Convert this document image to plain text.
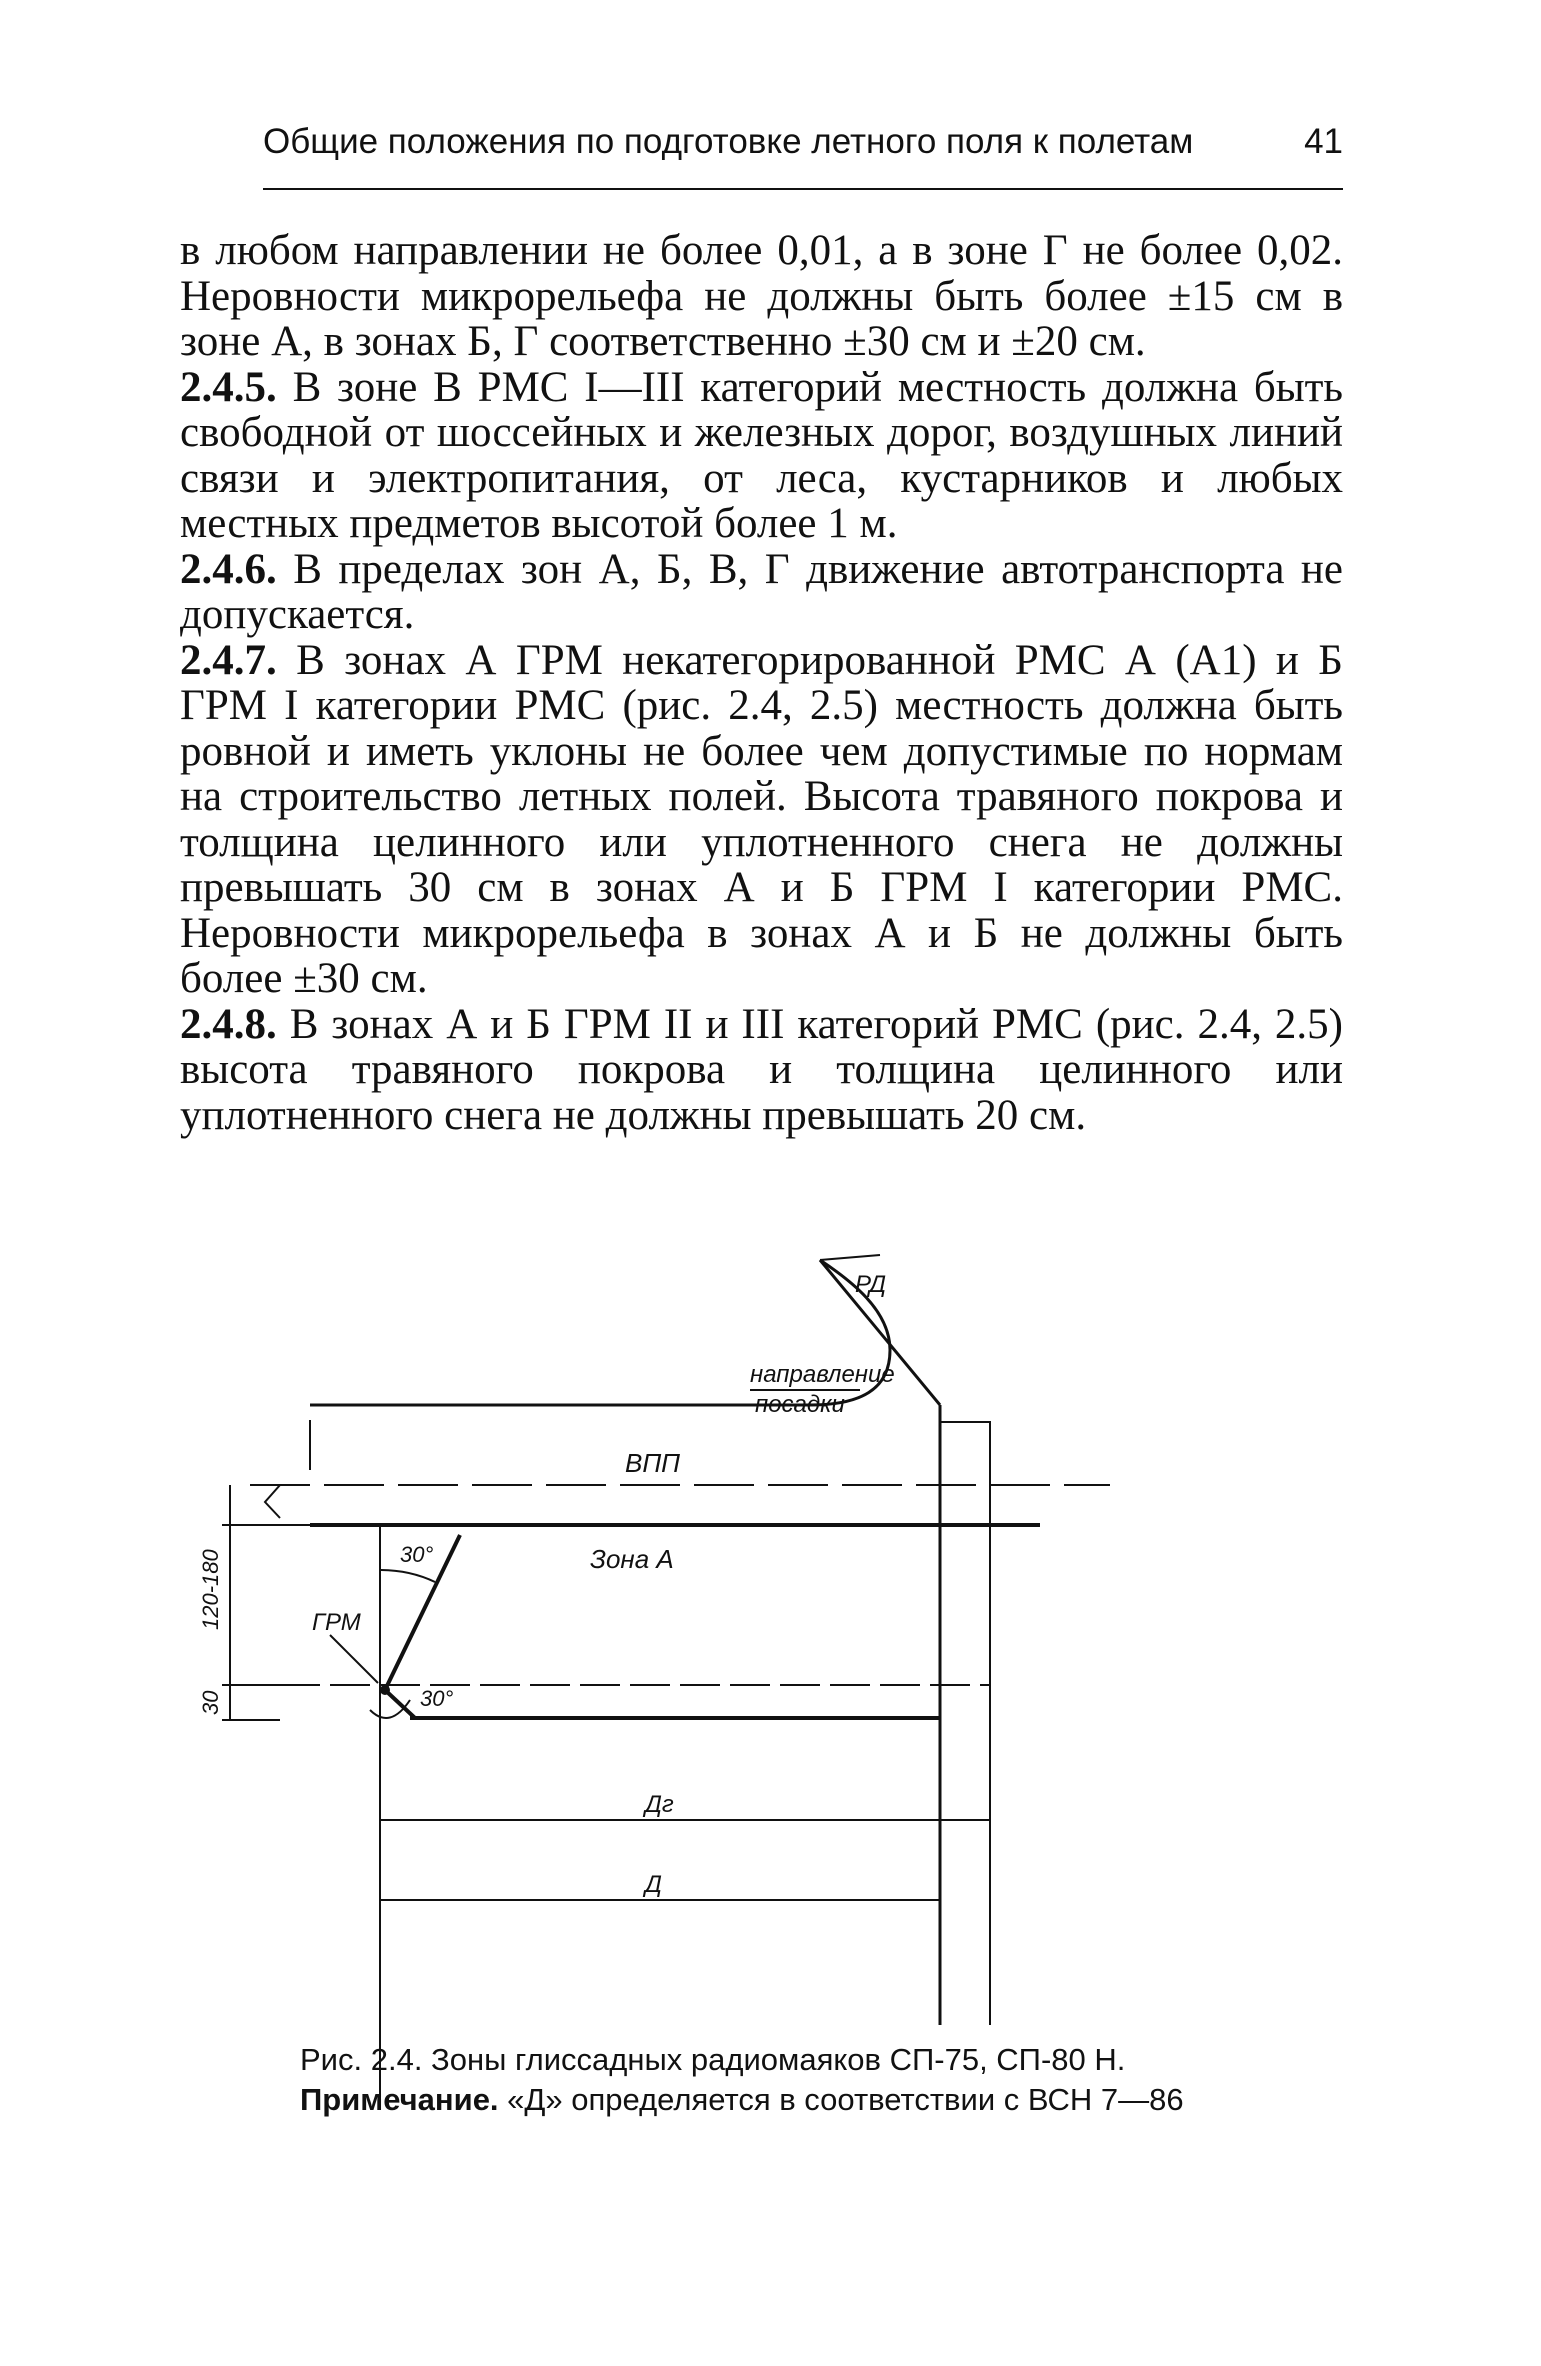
Общие положения по подготовке летного поля к полетам	41

в любом направлении не более 0,01, а в зоне Г не более 0,02. Неровности микрорельефа не должны быть более ±15 см в зоне А, в зонах Б, Г соответственно ±30 см и ±20 см.

2.4.5. В зоне В РМС I—III категорий местность должна быть свободной от шоссейных и железных дорог, воздушных линий связи и электропитания, от леса, кустарников и любых местных предметов высотой более 1 м.

2.4.6. В пределах зон А, Б, В, Г движение автотранспорта не допускается.

2.4.7. В зонах А ГРМ некатегорированной РМС А (А1) и Б ГРМ I категории РМС (рис. 2.4, 2.5) местность должна быть ровной и иметь уклоны не более чем допустимые по нормам на строительство летных полей. Высота травяного покрова и толщина целинного или уплотненного снега не должны превышать 30 см в зонах А и Б ГРМ I категории РМС. Неровности микрорельефа в зонах А и Б не должны быть более ±30 см.

2.4.8. В зонах А и Б ГРМ II и III категорий РМС (рис. 2.4, 2.5) высота травяного покрова и толщина целинного или уплотненного снега не должны превышать 20 см.

РД
направление
посадки
ВПП
Зона А
30°
30°
ГРМ
120-180
30
Дг
Д
Рис. 2.4. Зоны глиссадных радиомаяков СП-75, СП-80 Н.
Примечание. «Д» определяется в соответствии с ВСН 7—86
